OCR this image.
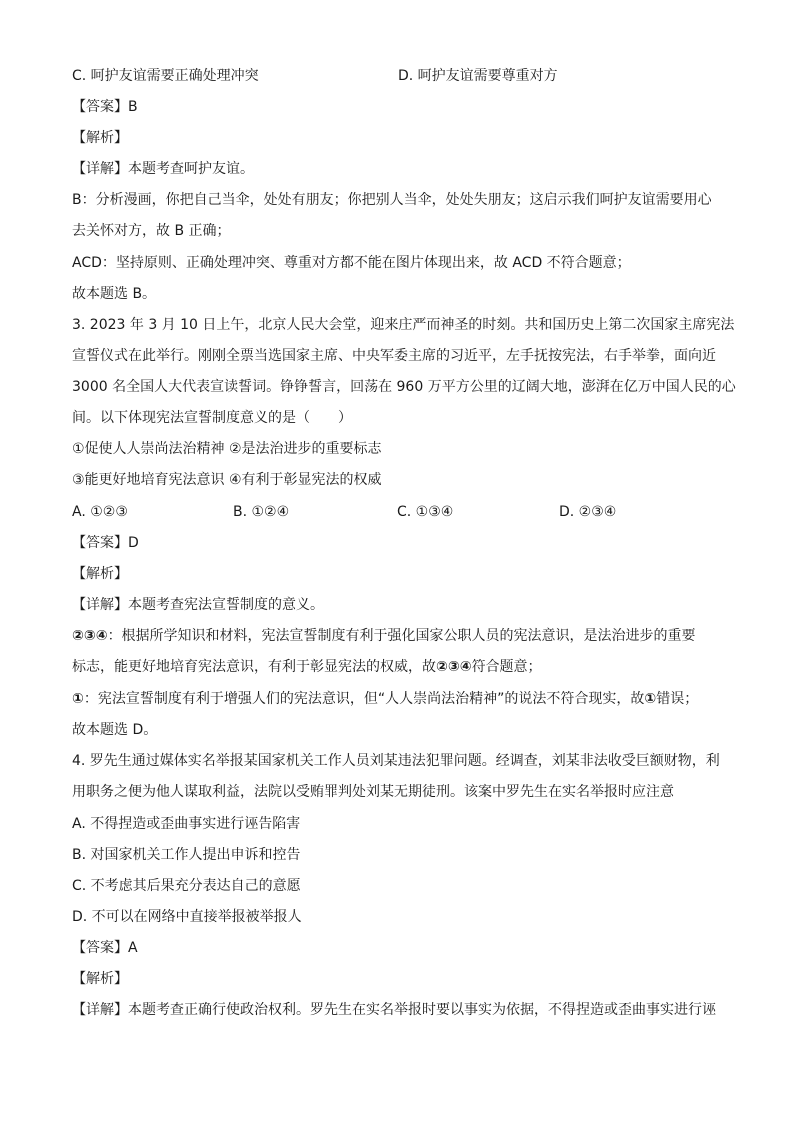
C. 呵护友谊需要正确处理冲突	D. 呵护友谊需要尊重对方
【答案】B
【解析】
【详解】本题考查呵护友谊。
B：分析漫画，你把自己当伞，处处有朋友；你把别人当伞，处处失朋友；这启示我们呵护友谊需要用心
去关怀对方，故 B 正确；
ACD：坚持原则、正确处理冲突、尊重对方都不能在图片体现出来，故 ACD 不符合题意；
故本题选 B。
3. 2023 年 3 月 10 日上午，北京人民大会堂，迎来庄严而神圣的时刻。共和国历史上第二次国家主席宪法
宣誓仪式在此举行。刚刚全票当选国家主席、中央军委主席的习近平，左手抚按宪法，右手举拳，面向近
3000 名全国人大代表宣读誓词。铮铮誓言，回荡在 960 万平方公里的辽阔大地，澎湃在亿万中国人民的心
间。以下体现宪法宣誓制度意义的是（　　）
①促使人人崇尚法治精神 ②是法治进步的重要标志
③能更好地培育宪法意识 ④有利于彰显宪法的权威
A. ①②③	B. ①②④	C. ①③④	D. ②③④
【答案】D
【解析】
【详解】本题考查宪法宣誓制度的意义。
②③④：根据所学知识和材料，宪法宣誓制度有利于强化国家公职人员的宪法意识，是法治进步的重要
标志，能更好地培育宪法意识，有利于彰显宪法的权威，故②③④符合题意；
①：宪法宣誓制度有利于增强人们的宪法意识，但“人人崇尚法治精神”的说法不符合现实，故①错误；
故本题选 D。
4. 罗先生通过媒体实名举报某国家机关工作人员刘某违法犯罪问题。经调查，刘某非法收受巨额财物，利
用职务之便为他人谋取利益，法院以受贿罪判处刘某无期徒刑。该案中罗先生在实名举报时应注意
A. 不得捏造或歪曲事实进行诬告陷害
B. 对国家机关工作人提出申诉和控告
C. 不考虑其后果充分表达自己的意愿
D. 不可以在网络中直接举报被举报人
【答案】A
【解析】
【详解】本题考查正确行使政治权利。罗先生在实名举报时要以事实为依据，不得捏造或歪曲事实进行诬
